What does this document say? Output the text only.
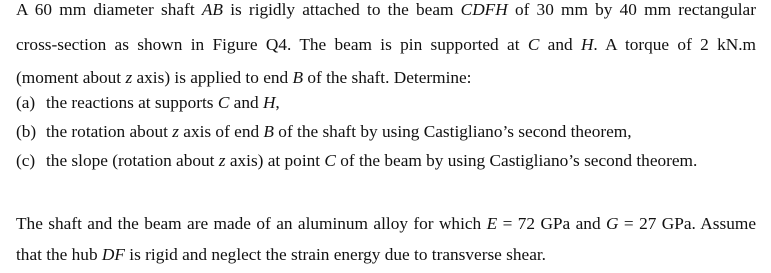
A 60 mm diameter shaft AB is rigidly attached to the beam CDFH of 30 mm by 40 mm rectangular
cross-section as shown in Figure Q4. The beam is pin supported at C and H. A torque of 2 kN.m
(moment about z axis) is applied to end B of the shaft. Determine:
(a) the reactions at supports C and H,
(b) the rotation about z axis of end B of the shaft by using Castigliano’s second theorem,
(c) the slope (rotation about z axis) at point C of the beam by using Castigliano’s second theorem.
The shaft and the beam are made of an aluminum alloy for which E = 72 GPa and G = 27 GPa. Assume
that the hub DF is rigid and neglect the strain energy due to transverse shear.
